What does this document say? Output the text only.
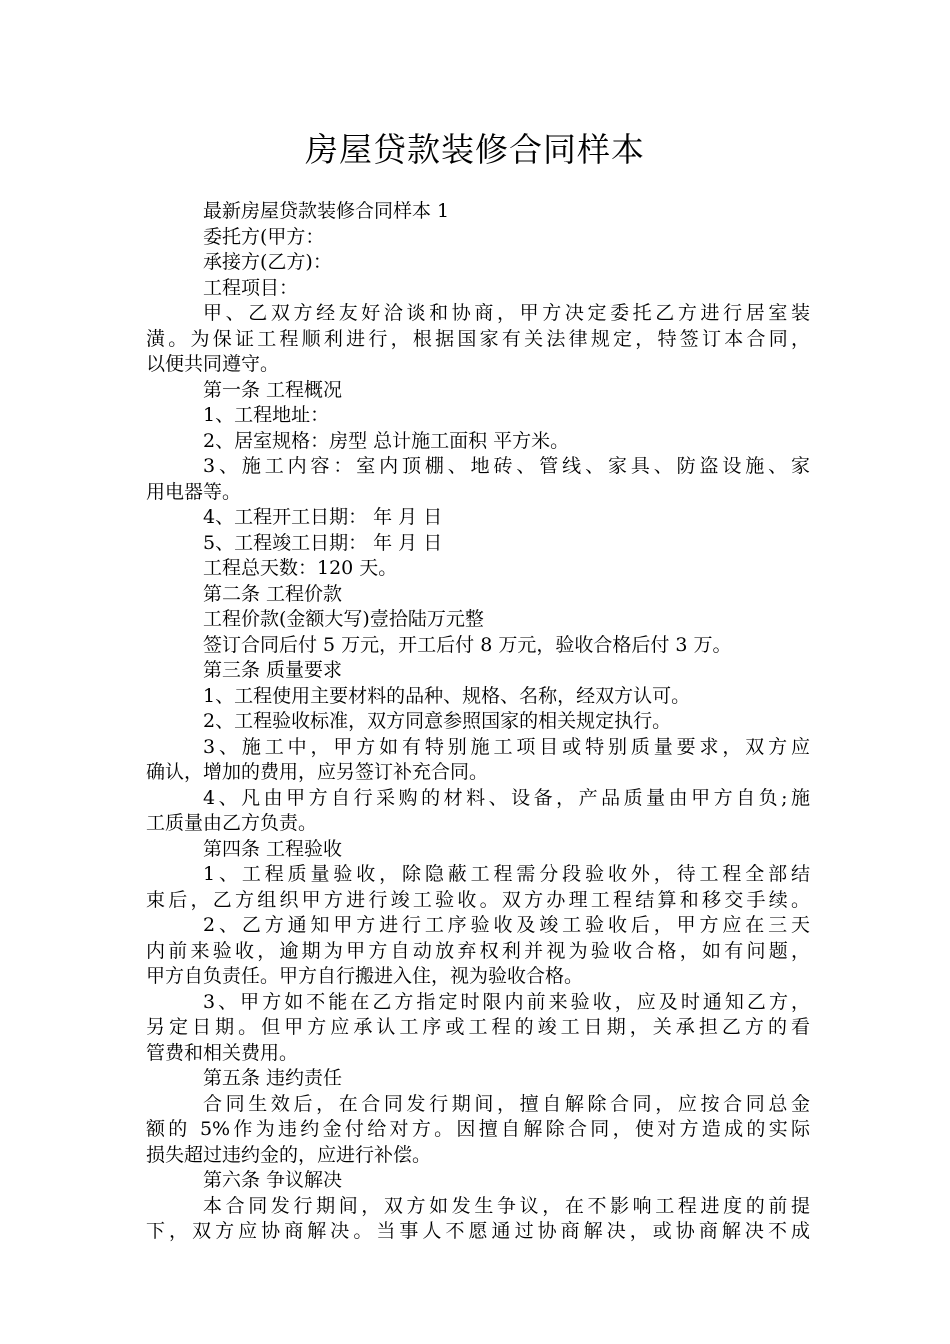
房屋贷款装修合同样本
最新房屋贷款装修合同样本 1
委托方(甲方：
承接方(乙方)：
工程项目：
甲、乙双方经友好洽谈和协商，甲方决定委托乙方进行居室装
潢。为保证工程顺利进行，根据国家有关法律规定，特签订本合同，
以便共同遵守。
第一条 工程概况
1、工程地址：
2、居室规格：房型 总计施工面积 平方米。
3、施工内容：室内顶棚、地砖、管线、家具、防盗设施、家
用电器等。
4、工程开工日期： 年 月 日
5、工程竣工日期： 年 月 日
工程总天数：120 天。
第二条 工程价款
工程价款(金额大写)壹拾陆万元整
签订合同后付 5 万元，开工后付 8 万元，验收合格后付 3 万。
第三条 质量要求
1、工程使用主要材料的品种、规格、名称，经双方认可。
2、工程验收标准，双方同意参照国家的相关规定执行。
3、施工中，甲方如有特别施工项目或特别质量要求，双方应
确认，增加的费用，应另签订补充合同。
4、凡由甲方自行采购的材料、设备，产品质量由甲方自负;施
工质量由乙方负责。
第四条 工程验收
1、工程质量验收，除隐蔽工程需分段验收外，待工程全部结
束后，乙方组织甲方进行竣工验收。双方办理工程结算和移交手续。
2、乙方通知甲方进行工序验收及竣工验收后，甲方应在三天
内前来验收，逾期为甲方自动放弃权利并视为验收合格，如有问题，
甲方自负责任。甲方自行搬进入住，视为验收合格。
3、甲方如不能在乙方指定时限内前来验收，应及时通知乙方，
另定日期。但甲方应承认工序或工程的竣工日期，关承担乙方的看
管费和相关费用。
第五条 违约责任
合同生效后，在合同发行期间，擅自解除合同，应按合同总金
额的 5%作为违约金付给对方。因擅自解除合同，使对方造成的实际
损失超过违约金的，应进行补偿。
第六条 争议解决
本合同发行期间，双方如发生争议，在不影响工程进度的前提
下，双方应协商解决。当事人不愿通过协商解决，或协商解决不成
